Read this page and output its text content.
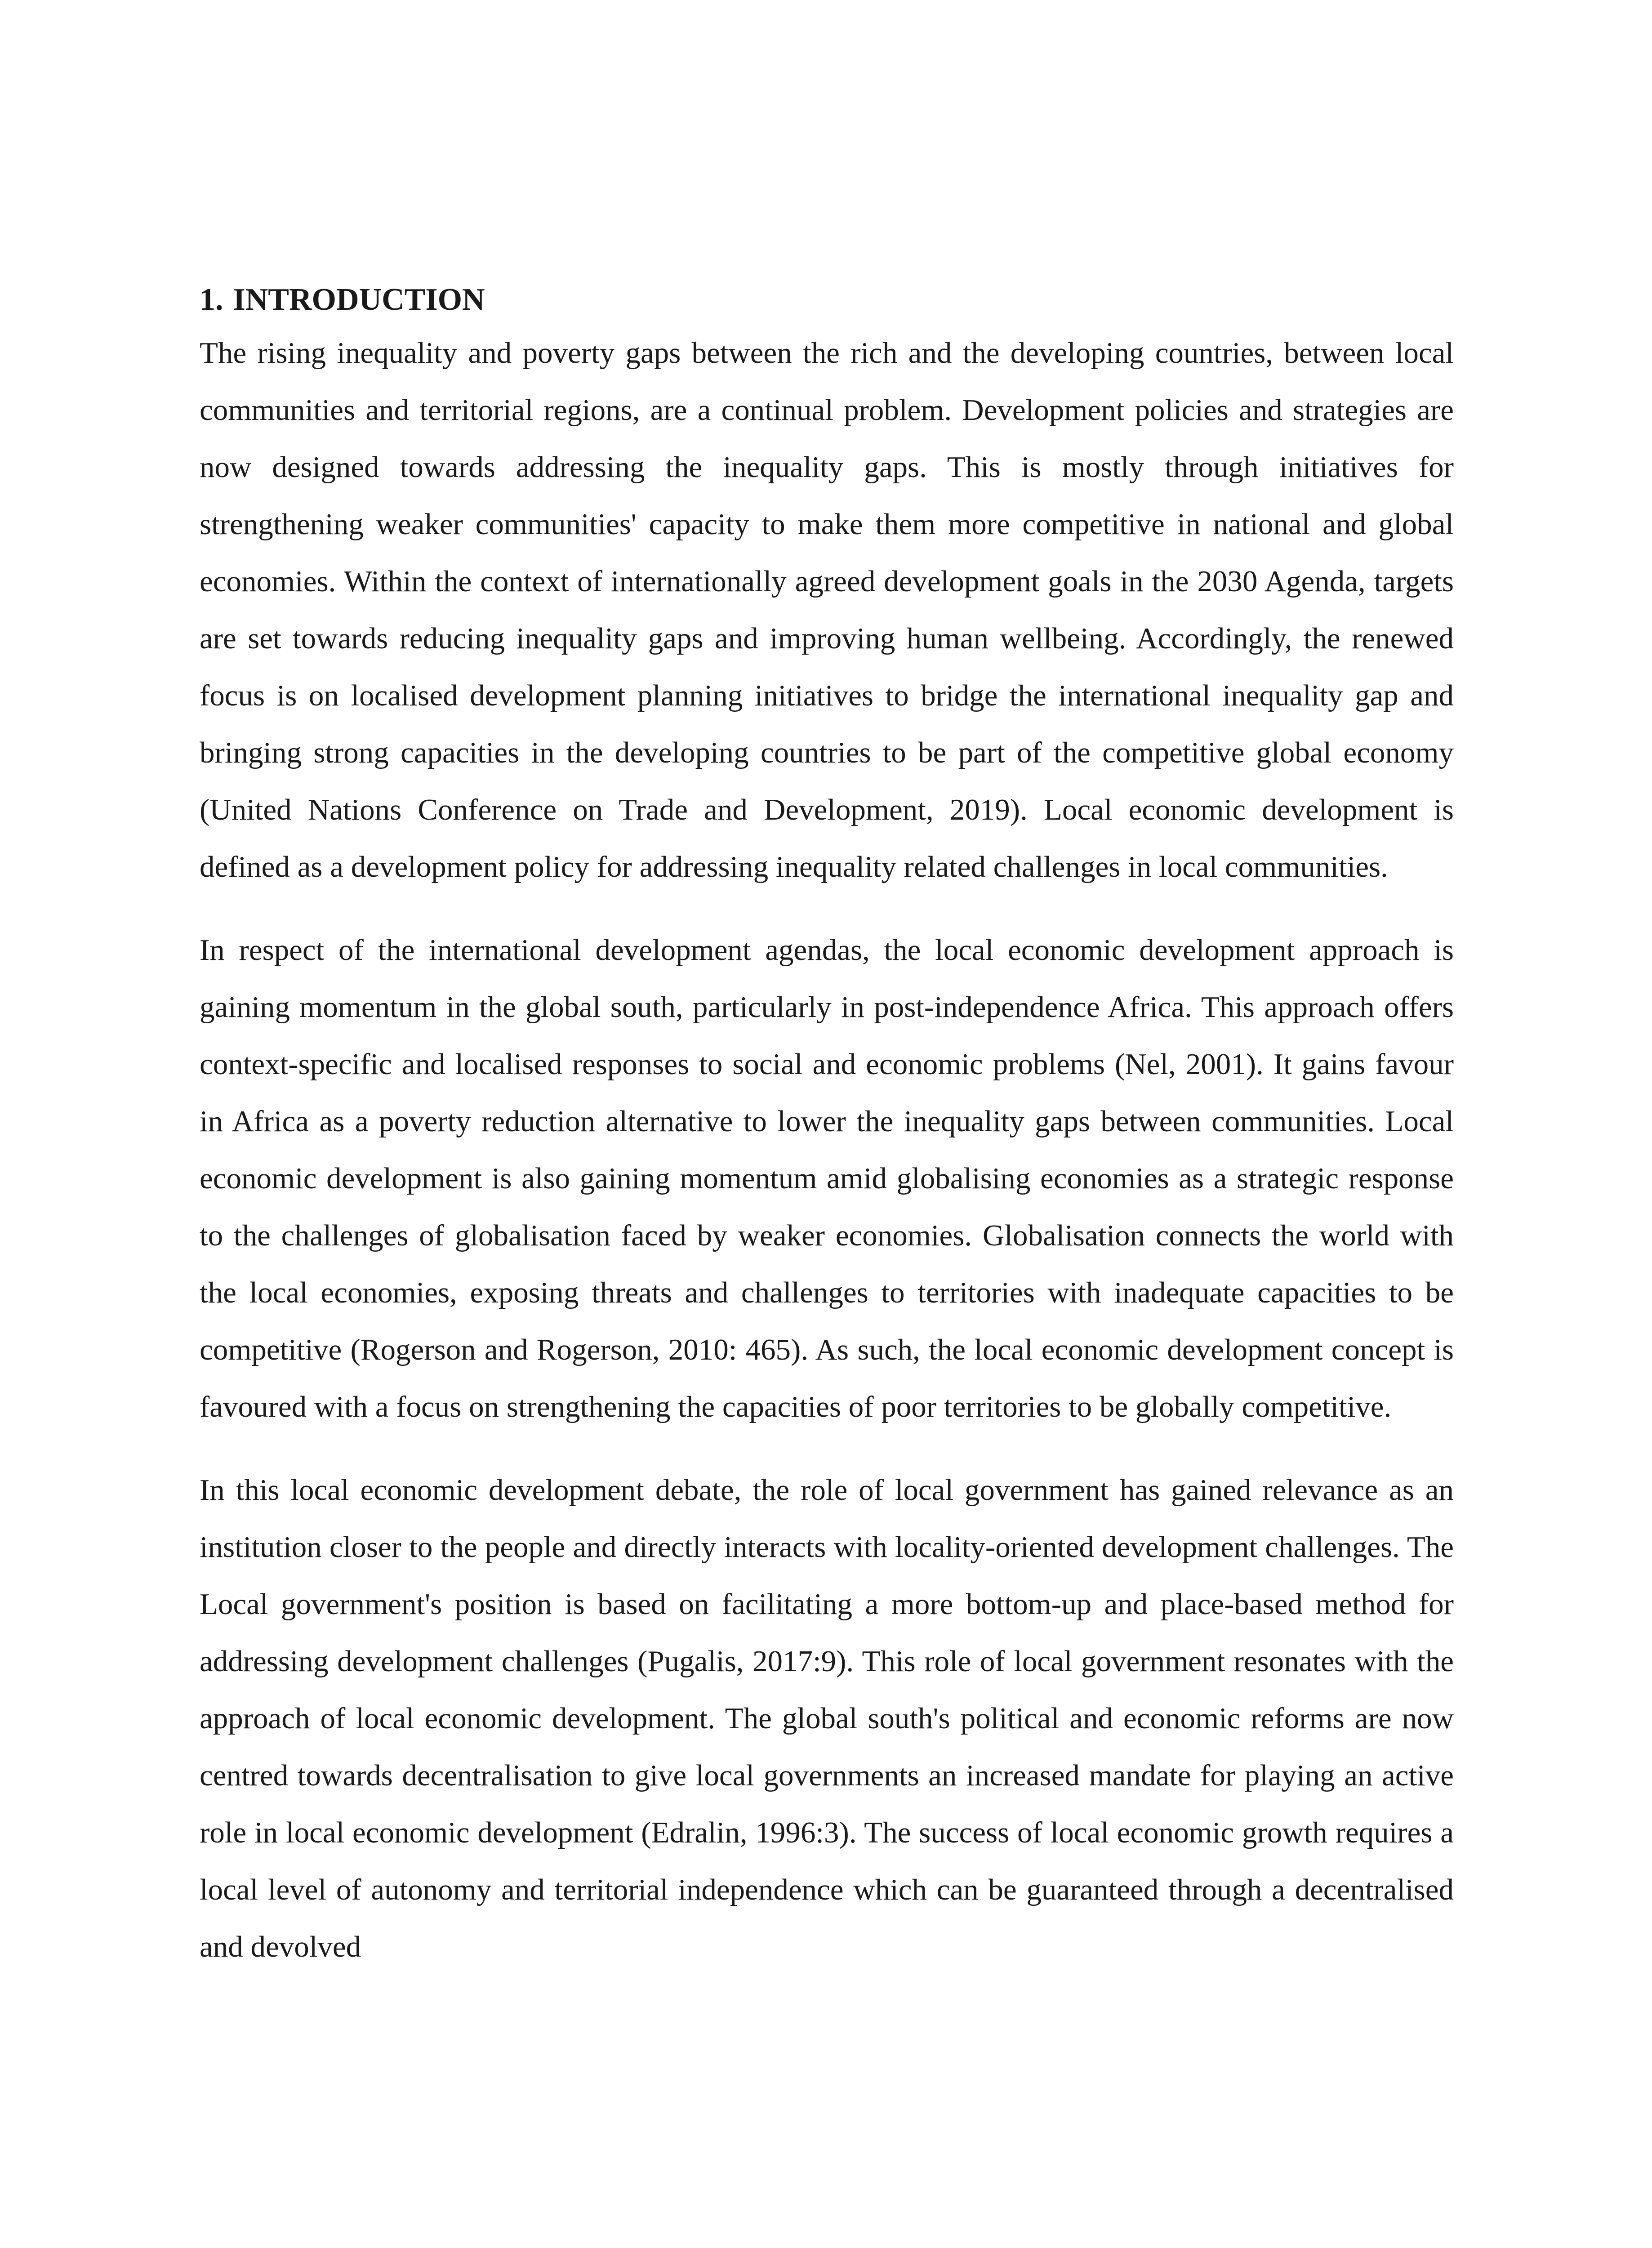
1. INTRODUCTION

The rising inequality and poverty gaps between the rich and the developing countries, between local communities and territorial regions, are a continual problem. Development policies and strategies are now designed towards addressing the inequality gaps. This is mostly through initiatives for strengthening weaker communities' capacity to make them more competitive in national and global economies. Within the context of internationally agreed development goals in the 2030 Agenda, targets are set towards reducing inequality gaps and improving human wellbeing. Accordingly, the renewed focus is on localised development planning initiatives to bridge the international inequality gap and bringing strong capacities in the developing countries to be part of the competitive global economy (United Nations Conference on Trade and Development, 2019). Local economic development is defined as a development policy for addressing inequality related challenges in local communities.

In respect of the international development agendas, the local economic development approach is gaining momentum in the global south, particularly in post-independence Africa. This approach offers context-specific and localised responses to social and economic problems (Nel, 2001). It gains favour in Africa as a poverty reduction alternative to lower the inequality gaps between communities. Local economic development is also gaining momentum amid globalising economies as a strategic response to the challenges of globalisation faced by weaker economies. Globalisation connects the world with the local economies, exposing threats and challenges to territories with inadequate capacities to be competitive (Rogerson and Rogerson, 2010: 465). As such, the local economic development concept is favoured with a focus on strengthening the capacities of poor territories to be globally competitive.

In this local economic development debate, the role of local government has gained relevance as an institution closer to the people and directly interacts with locality-oriented development challenges. The Local government's position is based on facilitating a more bottom-up and place-based method for addressing development challenges (Pugalis, 2017:9). This role of local government resonates with the approach of local economic development. The global south's political and economic reforms are now centred towards decentralisation to give local governments an increased mandate for playing an active role in local economic development (Edralin, 1996:3). The success of local economic growth requires a local level of autonomy and territorial independence which can be guaranteed through a decentralised and devolved
